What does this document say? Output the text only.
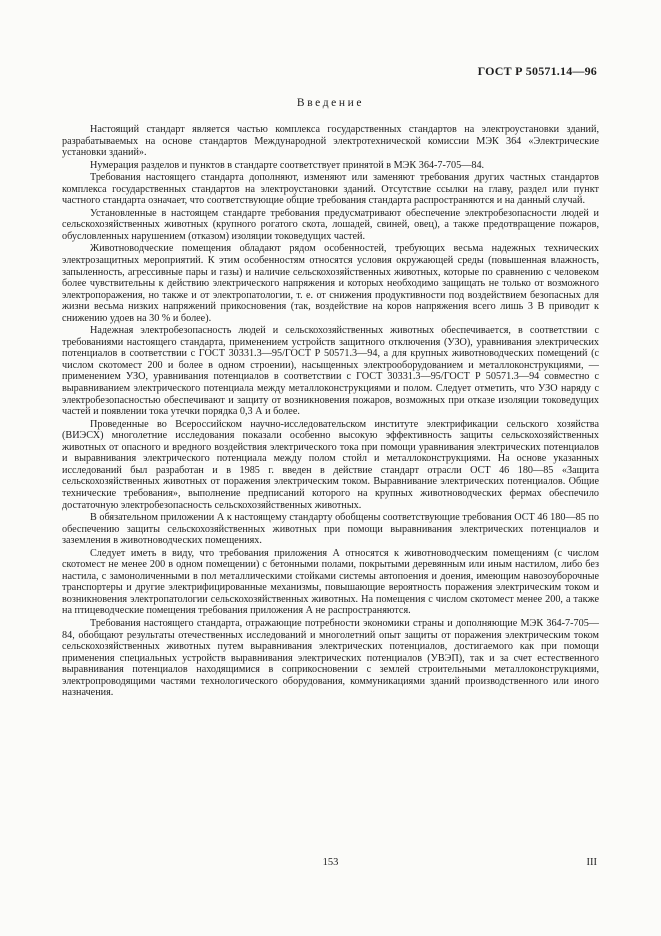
ГОСТ Р 50571.14—96
Введение

Настоящий стандарт является частью комплекса государственных стандартов на электроустановки зданий, разрабатываемых на основе стандартов Международной электротехнической комиссии МЭК 364 «Электрические установки зданий».

Нумерация разделов и пунктов в стандарте соответствует принятой в МЭК 364-7-705—84.

Требования настоящего стандарта дополняют, изменяют или заменяют требования других частных стандартов комплекса государственных стандартов на электроустановки зданий. Отсутствие ссылки на главу, раздел или пункт частного стандарта означает, что соответствующие общие требования стандарта распространяются и на данный случай.

Установленные в настоящем стандарте требования предусматривают обеспечение электробезопасности людей и сельскохозяйственных животных (крупного рогатого скота, лошадей, свиней, овец), а также предотвращение пожаров, обусловленных нарушением (отказом) изоляции токоведущих частей.

Животноводческие помещения обладают рядом особенностей, требующих весьма надежных технических электрозащитных мероприятий. К этим особенностям относятся условия окружающей среды (повышенная влажность, запыленность, агрессивные пары и газы) и наличие сельскохозяйственных животных, которые по сравнению с человеком более чувствительны к действию электрического напряжения и которых необходимо защищать не только от возможного электропоражения, но также и от электропатологии, т. е. от снижения продуктивности под воздействием безопасных для жизни весьма низких напряжений прикосновения (так, воздействие на коров напряжения всего лишь 3 В приводит к снижению удоев на 30 % и более).

Надежная электробезопасность людей и сельскохозяйственных животных обеспечивается, в соответствии с требованиями настоящего стандарта, применением устройств защитного отключения (УЗО), уравнивания электрических потенциалов в соответствии с ГОСТ 30331.3—95/ГОСТ Р 50571.3—94, а для крупных животноводческих помещений (с числом скотомест 200 и более в одном строении), насыщенных электрооборудованием и металлоконструкциями, — применением УЗО, уравнивания потенциалов в соответствии с ГОСТ 30331.3—95/ГОСТ Р 50571.3—94 совместно с выравниванием электрического потенциала между металлоконструкциями и полом. Следует отметить, что УЗО наряду с электробезопасностью обеспечивают и защиту от возникновения пожаров, возможных при отказе изоляции токоведущих частей и появлении тока утечки порядка 0,3 А и более.

Проведенные во Всероссийском научно-исследовательском институте электрификации сельского хозяйства (ВИЭСХ) многолетние исследования показали особенно высокую эффективность защиты сельскохозяйственных животных от опасного и вредного воздействия электрического тока при помощи уравнивания электрических потенциалов и выравнивания электрического потенциала между полом стойл и металлоконструкциями. На основе указанных исследований был разработан и в 1985 г. введен в действие стандарт отрасли ОСТ 46 180—85 «Защита сельскохозяйственных животных от поражения электрическим током. Выравнивание электрических потенциалов. Общие технические требования», выполнение предписаний которого на крупных животноводческих фермах обеспечило достаточную электробезопасность сельскохозяйственных животных.

В обязательном приложении А к настоящему стандарту обобщены соответствующие требования ОСТ 46 180—85 по обеспечению защиты сельскохозяйственных животных при помощи выравнивания электрических потенциалов и заземления в животноводческих помещениях.

Следует иметь в виду, что требования приложения А относятся к животноводческим помещениям (с числом скотомест не менее 200 в одном помещении) с бетонными полами, покрытыми деревянным или иным настилом, либо без настила, с замоноличенными в пол металлическими стойками системы автопоения и доения, имеющим навозоуборочные транспортеры и другие электрифицированные механизмы, повышающие вероятность поражения электрическим током и возникновения электропатологии сельскохозяйственных животных. На помещения с числом скотомест менее 200, а также на птицеводческие помещения требования приложения А не распространяются.

Требования настоящего стандарта, отражающие потребности экономики страны и дополняющие МЭК 364-7-705—84, обобщают результаты отечественных исследований и многолетний опыт защиты от поражения электрическим током сельскохозяйственных животных путем выравнивания электрических потенциалов, достигаемого как при помощи применения специальных устройств выравнивания электрических потенциалов (УВЭП), так и за счет естественного выравнивания потенциалов находящимися в соприкосновении с землей строительными металлоконструкциями, электропроводящими частями технологического оборудования, коммуникациями зданий производственного или иного назначения.

153	III
